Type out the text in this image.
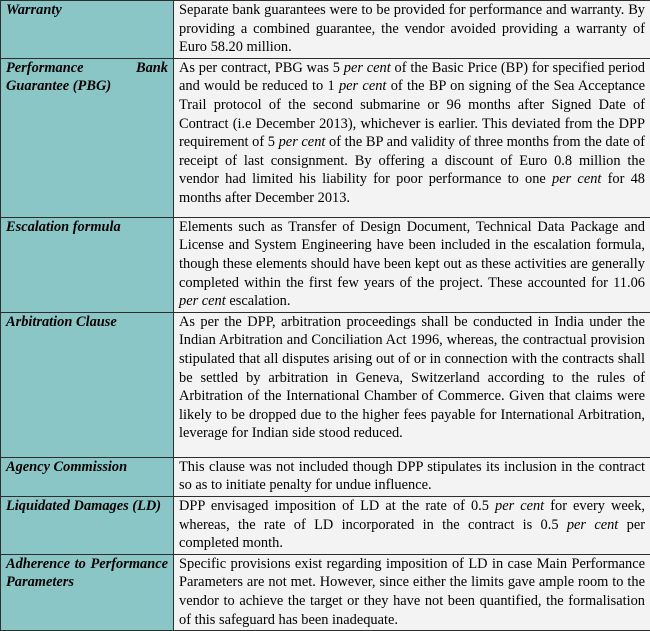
Warranty	Separate bank guarantees were to be provided for performance and warranty. By providing a combined guarantee, the vendor avoided providing a warranty of Euro 58.20 million.

Performance Bank Guarantee (PBG)	As per contract, PBG was 5 per cent of the Basic Price (BP) for specified period and would be reduced to 1 per cent of the BP on signing of the Sea Acceptance Trail protocol of the second submarine or 96 months after Signed Date of Contract (i.e December 2013), whichever is earlier. This deviated from the DPP requirement of 5 per cent of the BP and validity of three months from the date of receipt of last consignment. By offering a discount of Euro 0.8 million the vendor had limited his liability for poor performance to one per cent for 48 months after December 2013.

Escalation formula	Elements such as Transfer of Design Document, Technical Data Package and License and System Engineering have been included in the escalation formula, though these elements should have been kept out as these activities are generally completed within the first few years of the project. These accounted for 11.06 per cent escalation.

Arbitration Clause	As per the DPP, arbitration proceedings shall be conducted in India under the Indian Arbitration and Conciliation Act 1996, whereas, the contractual provision stipulated that all disputes arising out of or in connection with the contracts shall be settled by arbitration in Geneva, Switzerland according to the rules of Arbitration of the International Chamber of Commerce. Given that claims were likely to be dropped due to the higher fees payable for International Arbitration, leverage for Indian side stood reduced.

Agency Commission	This clause was not included though DPP stipulates its inclusion in the contract so as to initiate penalty for undue influence.

Liquidated Damages (LD)	DPP envisaged imposition of LD at the rate of 0.5 per cent for every week, whereas, the rate of LD incorporated in the contract is 0.5 per cent per completed month.

Adherence to Performance Parameters	Specific provisions exist regarding imposition of LD in case Main Performance Parameters are not met. However, since either the limits gave ample room to the vendor to achieve the target or they have not been quantified, the formalisation of this safeguard has been inadequate.
